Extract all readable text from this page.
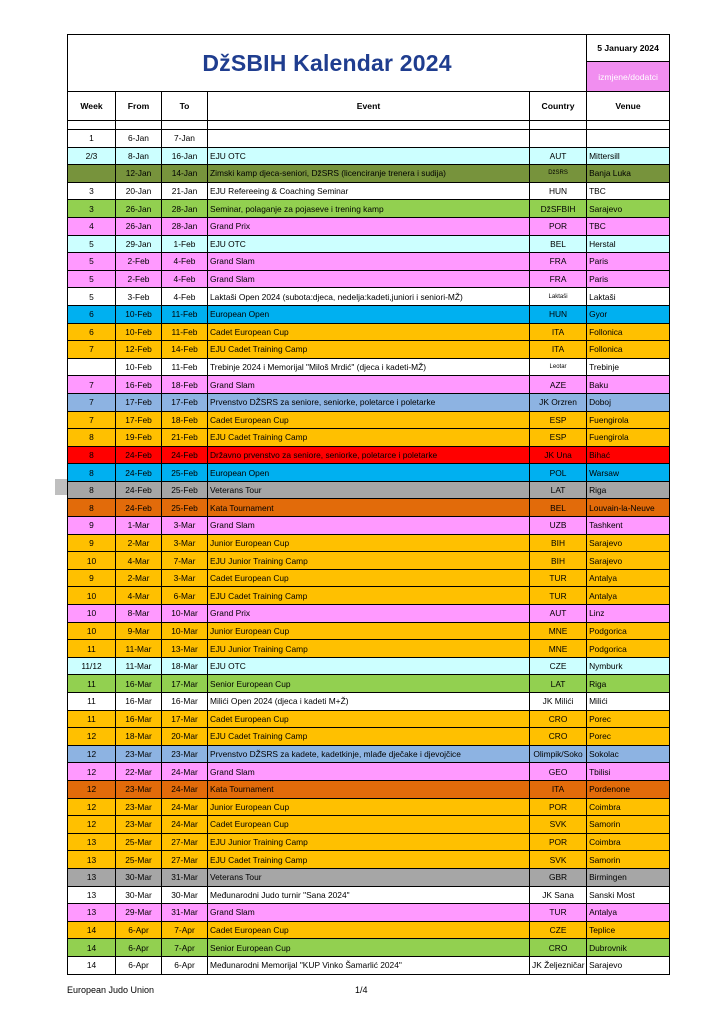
DžSBIH Kalendar 2024					5 January 2024
					izmjene/dodatci
Week	From	To	Event	Country	Venue

1	6-Jan	7-Jan			
2/3	8-Jan	16-Jan	EJU OTC	AUT	Mittersill
	12-Jan	14-Jan	Zimski kamp djeca-seniori, DžSRS (licenciranje trenera i sudija)	DžSRS	Banja Luka
3	20-Jan	21-Jan	EJU Refereeing & Coaching Seminar	HUN	TBC
3	26-Jan	28-Jan	Seminar, polaganje za pojaseve i trening kamp	DžSFBIH	Sarajevo
4	26-Jan	28-Jan	Grand Prix	POR	TBC
5	29-Jan	1-Feb	EJU OTC	BEL	Herstal
5	2-Feb	4-Feb	Grand Slam	FRA	Paris
5	2-Feb	4-Feb	Grand Slam	FRA	Paris
5	3-Feb	4-Feb	Laktaši Open 2024 (subota:djeca, nedelja:kadeti,juniori i seniori-MŽ)	Laktaši	Laktaši
6	10-Feb	11-Feb	European Open	HUN	Gyor
6	10-Feb	11-Feb	Cadet European Cup	ITA	Follonica
7	12-Feb	14-Feb	EJU Cadet Training Camp	ITA	Follonica
	10-Feb	11-Feb	Trebinje 2024 i Memorijal "Miloš Mrdić" (djeca i kadeti-MŽ)	Leotar	Trebinje
7	16-Feb	18-Feb	Grand Slam	AZE	Baku
7	17-Feb	17-Feb	Prvenstvo DŽSRS za seniore, seniorke, poletarce i poletarke	JK Orzren	Doboj
7	17-Feb	18-Feb	Cadet European Cup	ESP	Fuengirola
8	19-Feb	21-Feb	EJU Cadet Training Camp	ESP	Fuengirola
8	24-Feb	24-Feb	Državno prvenstvo za seniore, seniorke, poletarce i poletarke	JK Una	Bihać
8	24-Feb	25-Feb	European Open	POL	Warsaw
8	24-Feb	25-Feb	Veterans Tour	LAT	Riga
8	24-Feb	25-Feb	Kata Tournament	BEL	Louvain-la-Neuve
9	1-Mar	3-Mar	Grand Slam	UZB	Tashkent
9	2-Mar	3-Mar	Junior European Cup	BIH	Sarajevo
10	4-Mar	7-Mar	EJU Junior Training Camp	BIH	Sarajevo
9	2-Mar	3-Mar	Cadet European Cup	TUR	Antalya
10	4-Mar	6-Mar	EJU Cadet Training Camp	TUR	Antalya
10	8-Mar	10-Mar	Grand Prix	AUT	Linz
10	9-Mar	10-Mar	Junior European Cup	MNE	Podgorica
11	11-Mar	13-Mar	EJU Junior Training Camp	MNE	Podgorica
11/12	11-Mar	18-Mar	EJU OTC	CZE	Nymburk
11	16-Mar	17-Mar	Senior European Cup	LAT	Riga
11	16-Mar	16-Mar	Milići Open 2024 (djeca i kadeti M+Ž)	JK Milići	Milići
11	16-Mar	17-Mar	Cadet European Cup	CRO	Porec
12	18-Mar	20-Mar	EJU Cadet Training Camp	CRO	Porec
12	23-Mar	23-Mar	Prvenstvo DŽSRS za kadete, kadetkinje, mlađe dječake i djevojčice	Olimpik/Soko	Sokolac
12	22-Mar	24-Mar	Grand Slam	GEO	Tbilisi
12	23-Mar	24-Mar	Kata Tournament	ITA	Pordenone
12	23-Mar	24-Mar	Junior European Cup	POR	Coimbra
12	23-Mar	24-Mar	Cadet European Cup	SVK	Samorin
13	25-Mar	27-Mar	EJU Junior Training Camp	POR	Coimbra
13	25-Mar	27-Mar	EJU Cadet Training Camp	SVK	Samorin
13	30-Mar	31-Mar	Veterans Tour	GBR	Birmingen
13	30-Mar	30-Mar	Međunarodni Judo turnir "Sana 2024"	JK Sana	Sanski Most
13	29-Mar	31-Mar	Grand Slam	TUR	Antalya
14	6-Apr	7-Apr	Cadet European Cup	CZE	Teplice
14	6-Apr	7-Apr	Senior European Cup	CRO	Dubrovnik
14	6-Apr	6-Apr	Međunarodni Memorijal "KUP Vinko Šamarlić 2024"	JK Željezničar	Sarajevo
European Judo Union	1/4
